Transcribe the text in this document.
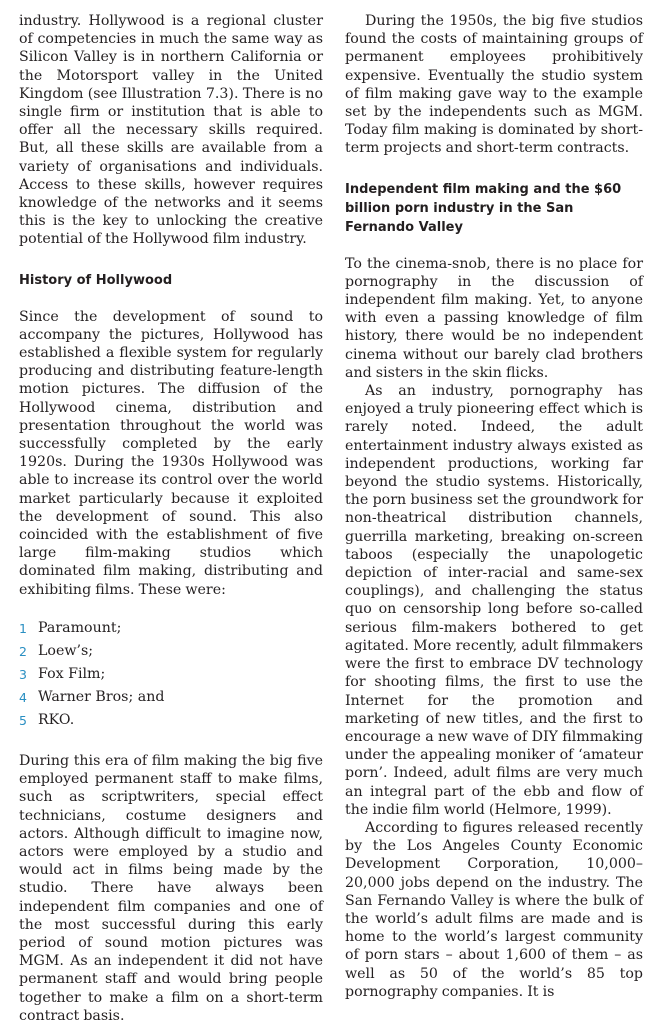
industry. Hollywood is a regional cluster of competencies in much the same way as Silicon Valley is in northern California or the Motorsport valley in the United Kingdom (see Illustration 7.3). There is no single firm or institution that is able to offer all the necessary skills required. But, all these skills are available from a variety of organisations and individuals. Access to these skills, however requires knowledge of the networks and it seems this is the key to unlocking the creative potential of the Hollywood film industry.

History of Hollywood

Since the development of sound to accompany the pictures, Hollywood has established a flexible system for regularly producing and distributing feature-length motion pictures. The diffusion of the Hollywood cinema, distribution and presentation throughout the world was successfully completed by the early 1920s. During the 1930s Hollywood was able to increase its control over the world market particularly because it exploited the development of sound. This also coincided with the establishment of five large film-making studios which dominated film making, distributing and exhibiting films. These were:

1 Paramount;
2 Loew’s;
3 Fox Film;
4 Warner Bros; and
5 RKO.

During this era of film making the big five employed permanent staff to make films, such as scriptwriters, special effect technicians, costume designers and actors. Although difficult to imagine now, actors were employed by a studio and would act in films being made by the studio. There have always been independent film companies and one of the most successful during this early period of sound motion pictures was MGM. As an independent it did not have permanent staff and would bring people together to make a film on a short-term contract basis.

During the 1950s, the big five studios found the costs of maintaining groups of permanent employees prohibitively expensive. Eventually the studio system of film making gave way to the example set by the independents such as MGM. Today film making is dominated by short-term projects and short-term contracts.

Independent film making and the $60 billion porn industry in the San Fernando Valley

To the cinema-snob, there is no place for pornography in the discussion of independent film making. Yet, to anyone with even a passing knowledge of film history, there would be no independent cinema without our barely clad brothers and sisters in the skin flicks.

As an industry, pornography has enjoyed a truly pioneering effect which is rarely noted. Indeed, the adult entertainment industry always existed as independent productions, working far beyond the studio systems. Historically, the porn business set the groundwork for non-theatrical distribution channels, guerrilla marketing, breaking on-screen taboos (especially the unapologetic depiction of inter-racial and same-sex couplings), and challenging the status quo on censorship long before so-called serious film-makers bothered to get agitated. More recently, adult filmmakers were the first to embrace DV technology for shooting films, the first to use the Internet for the promotion and marketing of new titles, and the first to encourage a new wave of DIY filmmaking under the appealing moniker of ‘amateur porn’. Indeed, adult films are very much an integral part of the ebb and flow of the indie film world (Helmore, 1999).

According to figures released recently by the Los Angeles County Economic Development Corporation, 10,000–20,000 jobs depend on the industry. The San Fernando Valley is where the bulk of the world’s adult films are made and is home to the world’s largest community of porn stars – about 1,600 of them – as well as 50 of the world’s 85 top pornography companies. It is
